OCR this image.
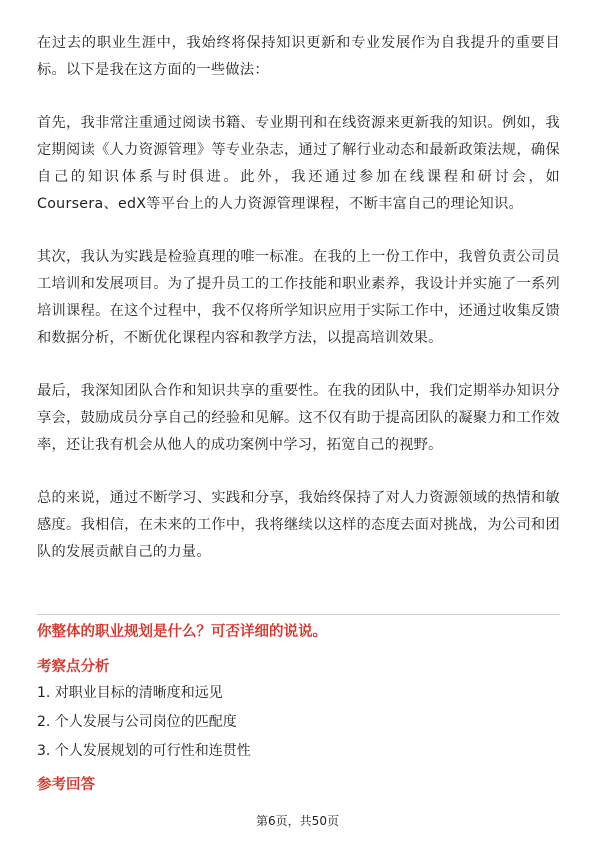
在过去的职业生涯中，我始终将保持知识更新和专业发展作为自我提升的重要目标。以下是我在这方面的一些做法：

首先，我非常注重通过阅读书籍、专业期刊和在线资源来更新我的知识。例如，我定期阅读《人力资源管理》等专业杂志，通过了解行业动态和最新政策法规，确保自己的知识体系与时俱进。此外，我还通过参加在线课程和研讨会，如Coursera、edX等平台上的人力资源管理课程，不断丰富自己的理论知识。

其次，我认为实践是检验真理的唯一标准。在我的上一份工作中，我曾负责公司员工培训和发展项目。为了提升员工的工作技能和职业素养，我设计并实施了一系列培训课程。在这个过程中，我不仅将所学知识应用于实际工作中，还通过收集反馈和数据分析，不断优化课程内容和教学方法，以提高培训效果。

最后，我深知团队合作和知识共享的重要性。在我的团队中，我们定期举办知识分享会，鼓励成员分享自己的经验和见解。这不仅有助于提高团队的凝聚力和工作效率，还让我有机会从他人的成功案例中学习，拓宽自己的视野。

总的来说，通过不断学习、实践和分享，我始终保持了对人力资源领域的热情和敏感度。我相信，在未来的工作中，我将继续以这样的态度去面对挑战，为公司和团队的发展贡献自己的力量。

你整体的职业规划是什么？可否详细的说说。
考察点分析
1. 对职业目标的清晰度和远见
2. 个人发展与公司岗位的匹配度
3. 个人发展规划的可行性和连贯性
参考回答
第6页，共50页
